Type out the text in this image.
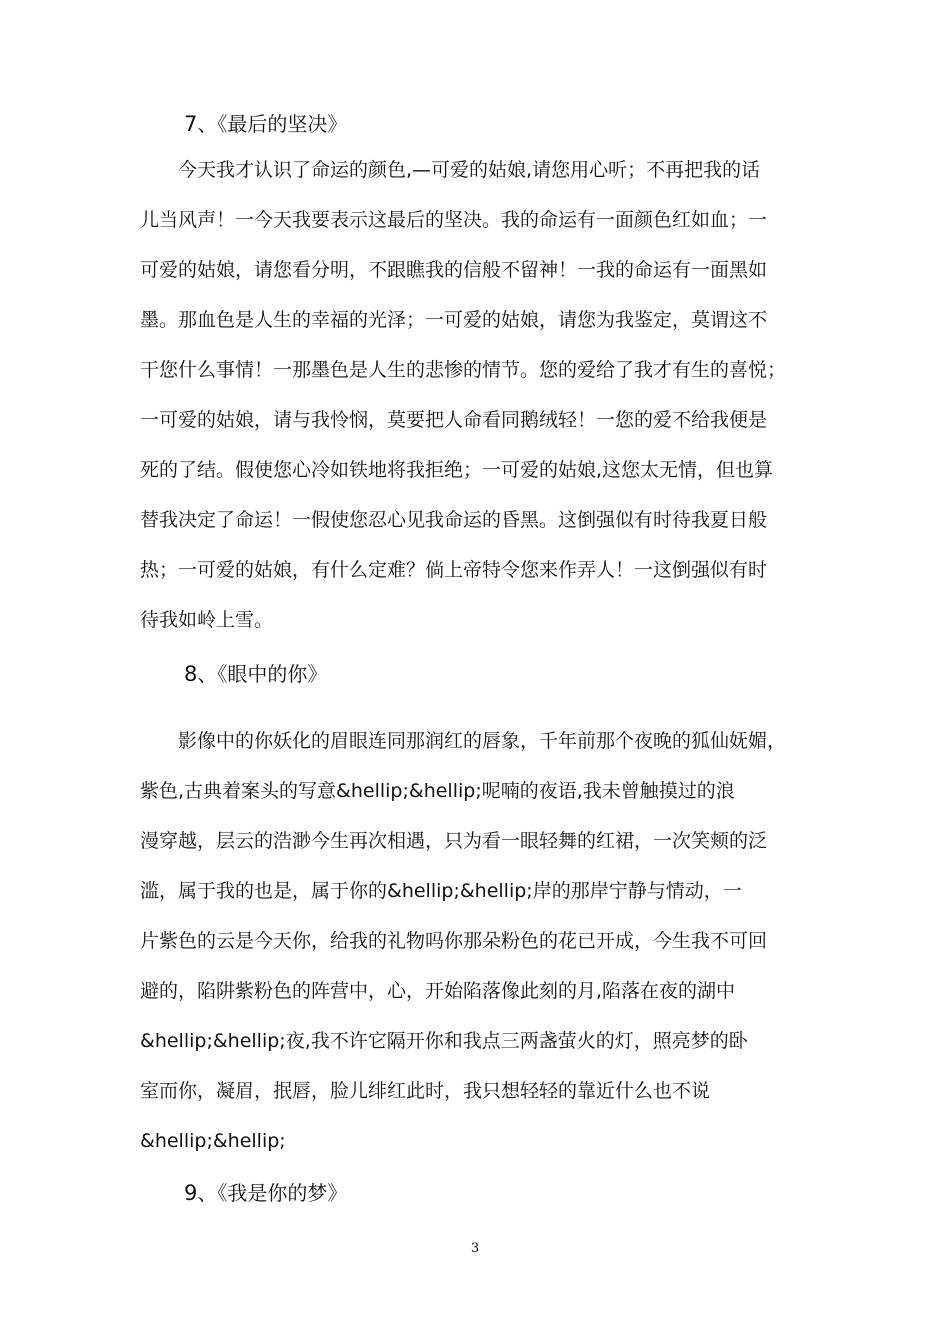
7、《最后的坚决》
　　今天我才认识了命运的颜色,—可爱的姑娘,请您用心听；不再把我的话
儿当风声！一今天我要表示这最后的坚决。我的命运有一面颜色红如血；一
可爱的姑娘，请您看分明，不跟瞧我的信般不留神！一我的命运有一面黑如
墨。那血色是人生的幸福的光泽；一可爱的姑娘，请您为我鉴定，莫谓这不
干您什么事情！一那墨色是人生的悲惨的情节。您的爱给了我才有生的喜悦；
一可爱的姑娘，请与我怜悯，莫要把人命看同鹅绒轻！一您的爱不给我便是
死的了结。假使您心冷如铁地将我拒绝；一可爱的姑娘,这您太无情，但也算
替我决定了命运！一假使您忍心见我命运的昏黑。这倒强似有时待我夏日般
热；一可爱的姑娘，有什么定难？倘上帝特令您来作弄人！一这倒强似有时
待我如岭上雪。
8、《眼中的你》
　　影像中的你妖化的眉眼连同那润红的唇象，千年前那个夜晚的狐仙妩媚，
紫色,古典着案头的写意&hellip;&hellip;呢喃的夜语,我未曾触摸过的浪
漫穿越，层云的浩渺今生再次相遇，只为看一眼轻舞的红裙，一次笑颊的泛
滥，属于我的也是，属于你的&hellip;&hellip;岸的那岸宁静与情动，一
片紫色的云是今天你，给我的礼物吗你那朵粉色的花已开成，今生我不可回
避的，陷阱紫粉色的阵营中，心，开始陷落像此刻的月,陷落在夜的湖中
&hellip;&hellip;夜,我不许它隔开你和我点三两盏萤火的灯，照亮梦的卧
室而你，凝眉，抿唇，脸儿绯红此时，我只想轻轻的靠近什么也不说
&hellip;&hellip;
9、《我是你的梦》
3
